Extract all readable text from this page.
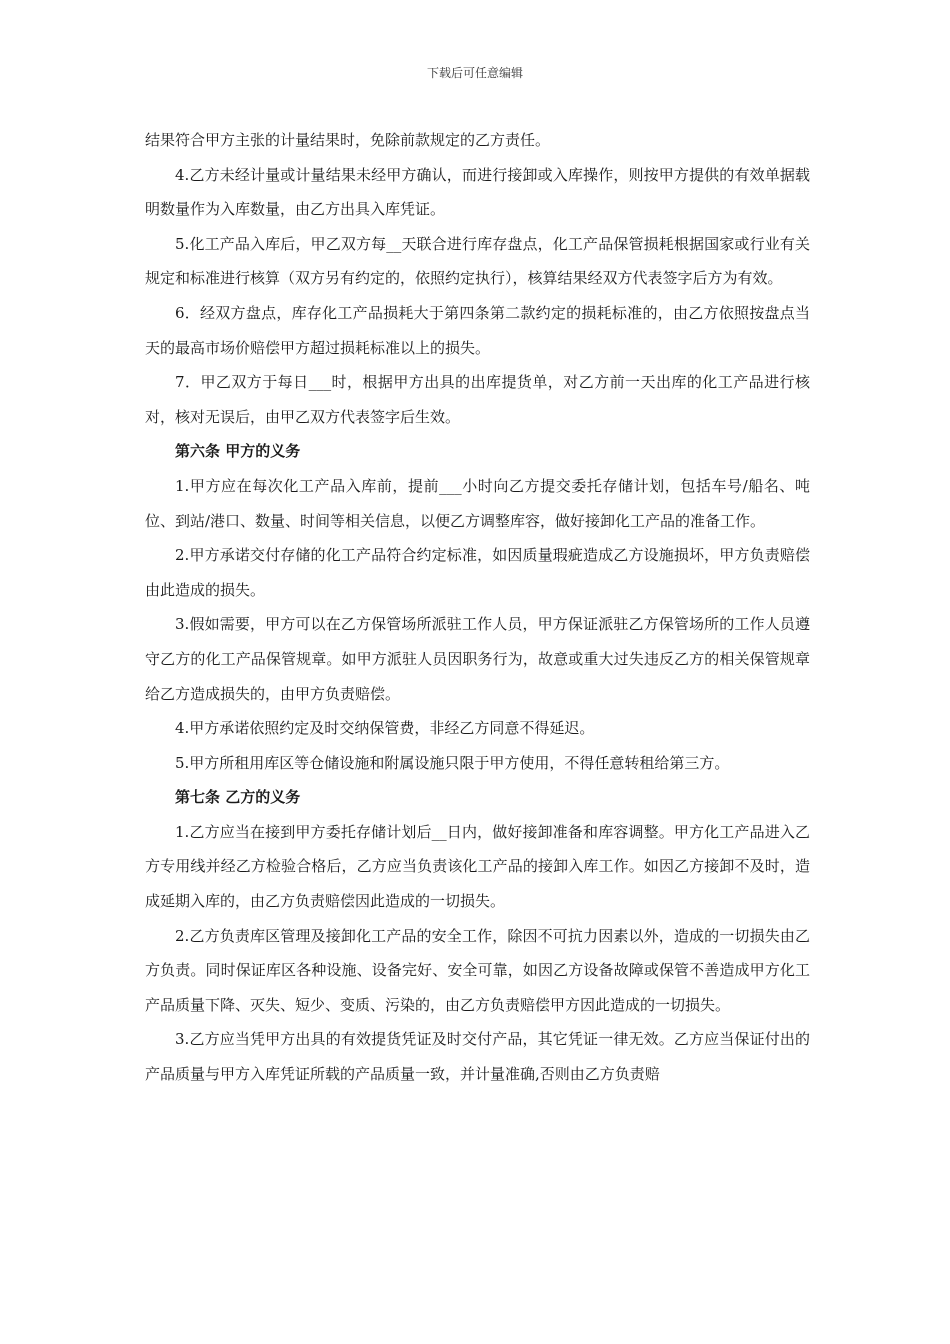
下载后可任意编辑

结果符合甲方主张的计量结果时，免除前款规定的乙方责任。

4.乙方未经计量或计量结果未经甲方确认，而进行接卸或入库操作，则按甲方提供的有效单据载明数量作为入库数量，由乙方出具入库凭证。

5.化工产品入库后，甲乙双方每__天联合进行库存盘点，化工产品保管损耗根据国家或行业有关规定和标准进行核算（双方另有约定的，依照约定执行），核算结果经双方代表签字后方为有效。

6．经双方盘点，库存化工产品损耗大于第四条第二款约定的损耗标准的，由乙方依照按盘点当天的最高市场价赔偿甲方超过损耗标准以上的损失。

7．甲乙双方于每日___时，根据甲方出具的出库提货单，对乙方前一天出库的化工产品进行核对，核对无误后，由甲乙双方代表签字后生效。

第六条 甲方的义务

1.甲方应在每次化工产品入库前，提前___小时向乙方提交委托存储计划，包括车号/船名、吨位、到站/港口、数量、时间等相关信息，以便乙方调整库容，做好接卸化工产品的准备工作。

2.甲方承诺交付存储的化工产品符合约定标准，如因质量瑕疵造成乙方设施损坏，甲方负责赔偿由此造成的损失。

3.假如需要，甲方可以在乙方保管场所派驻工作人员，甲方保证派驻乙方保管场所的工作人员遵守乙方的化工产品保管规章。如甲方派驻人员因职务行为，故意或重大过失违反乙方的相关保管规章给乙方造成损失的，由甲方负责赔偿。

4.甲方承诺依照约定及时交纳保管费，非经乙方同意不得延迟。

5.甲方所租用库区等仓储设施和附属设施只限于甲方使用，不得任意转租给第三方。

第七条 乙方的义务

1.乙方应当在接到甲方委托存储计划后__日内，做好接卸准备和库容调整。甲方化工产品进入乙方专用线并经乙方检验合格后，乙方应当负责该化工产品的接卸入库工作。如因乙方接卸不及时，造成延期入库的，由乙方负责赔偿因此造成的一切损失。

2.乙方负责库区管理及接卸化工产品的安全工作，除因不可抗力因素以外，造成的一切损失由乙方负责。同时保证库区各种设施、设备完好、安全可靠，如因乙方设备故障或保管不善造成甲方化工产品质量下降、灭失、短少、变质、污染的，由乙方负责赔偿甲方因此造成的一切损失。

3.乙方应当凭甲方出具的有效提货凭证及时交付产品，其它凭证一律无效。乙方应当保证付出的产品质量与甲方入库凭证所载的产品质量一致，并计量准确,否则由乙方负责赔
